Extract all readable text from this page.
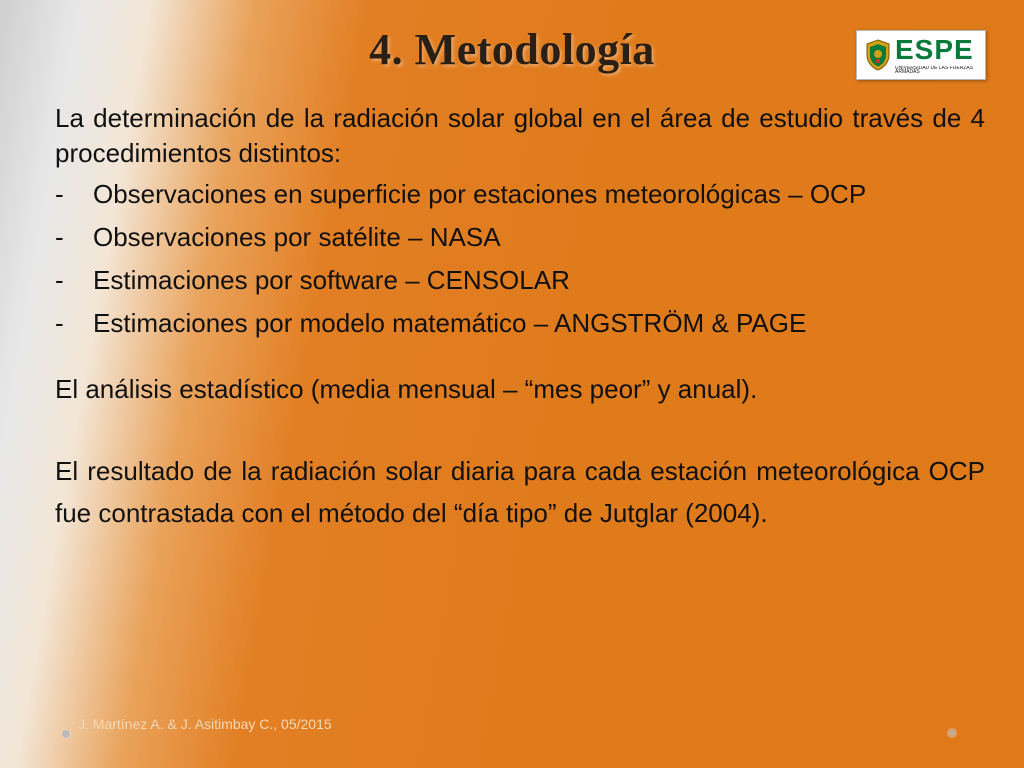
4. Metodología	ESPE
UNIVERSIDAD DE LAS FUERZAS ARMADAS

La determinación de la radiación solar global en el área de estudio través de 4 procedimientos distintos:

- Observaciones en superficie por estaciones meteorológicas – OCP
- Observaciones por satélite – NASA
- Estimaciones por software – CENSOLAR
- Estimaciones por modelo matemático – ANGSTRÖM & PAGE

El análisis estadístico (media mensual – “mes peor” y anual).

El resultado de la radiación solar diaria para cada estación meteorológica OCP fue contrastada con el método del “día tipo” de Jutglar (2004).

J. Martínez A. & J. Asitimbay C., 05/2015
